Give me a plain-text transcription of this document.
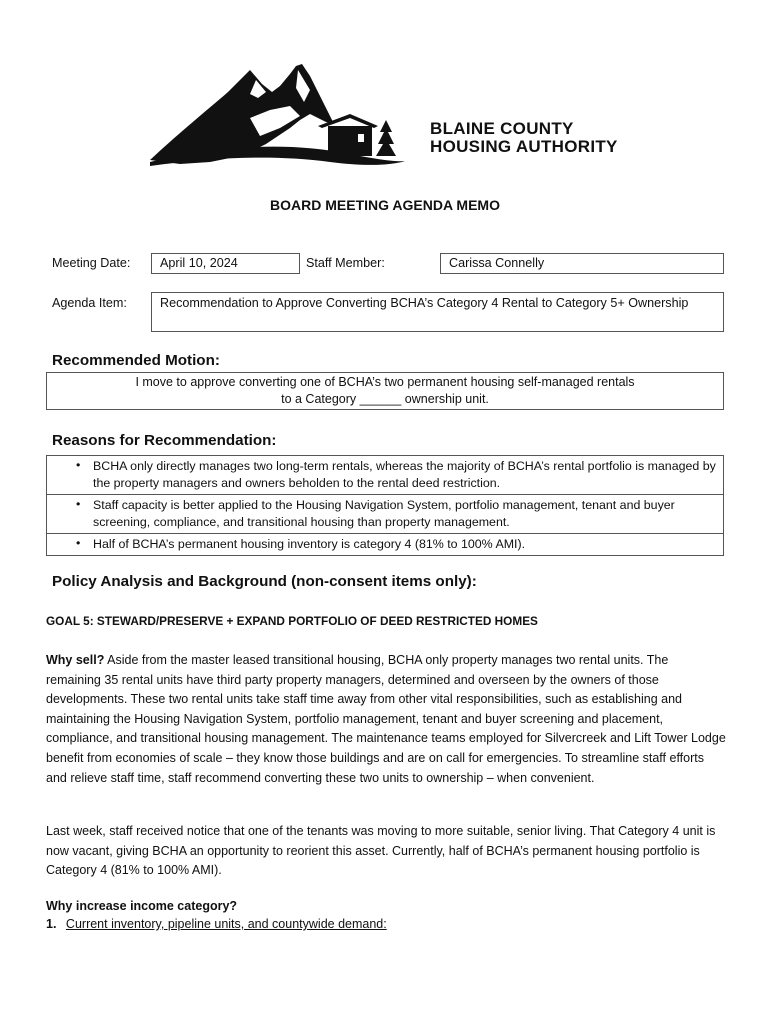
BLAINE COUNTY
HOUSING AUTHORITY
BOARD MEETING AGENDA MEMO
Meeting Date:	April 10, 2024	Staff Member:	Carissa Connelly
Agenda Item:	Recommendation to Approve Converting BCHA’s Category 4 Rental to Category 5+ Ownership
Recommended Motion:
I move to approve converting one of BCHA’s two permanent housing self-managed rentals
to a Category ______ ownership unit.
Reasons for Recommendation:
• BCHA only directly manages two long-term rentals, whereas the majority of BCHA’s rental portfolio is managed by the property managers and owners beholden to the rental deed restriction.

• Staff capacity is better applied to the Housing Navigation System, portfolio management, tenant and buyer screening, compliance, and transitional housing than property management.

• Half of BCHA’s permanent housing inventory is category 4 (81% to 100% AMI).
Policy Analysis and Background (non-consent items only):
GOAL 5: STEWARD/PRESERVE + EXPAND PORTFOLIO OF DEED RESTRICTED HOMES

Why sell? Aside from the master leased transitional housing, BCHA only property manages two rental units. The remaining 35 rental units have third party property managers, determined and overseen by the owners of those developments. These two rental units take staff time away from other vital responsibilities, such as establishing and maintaining the Housing Navigation System, portfolio management, tenant and buyer screening and placement, compliance, and transitional housing management. The maintenance teams employed for Silvercreek and Lift Tower Lodge benefit from economies of scale – they know those buildings and are on call for emergencies. To streamline staff efforts and relieve staff time, staff recommend converting these two units to ownership – when convenient.

Last week, staff received notice that one of the tenants was moving to more suitable, senior living. That Category 4 unit is now vacant, giving BCHA an opportunity to reorient this asset. Currently, half of BCHA’s permanent housing portfolio is Category 4 (81% to 100% AMI).

Why increase income category?
1. Current inventory, pipeline units, and countywide demand:
